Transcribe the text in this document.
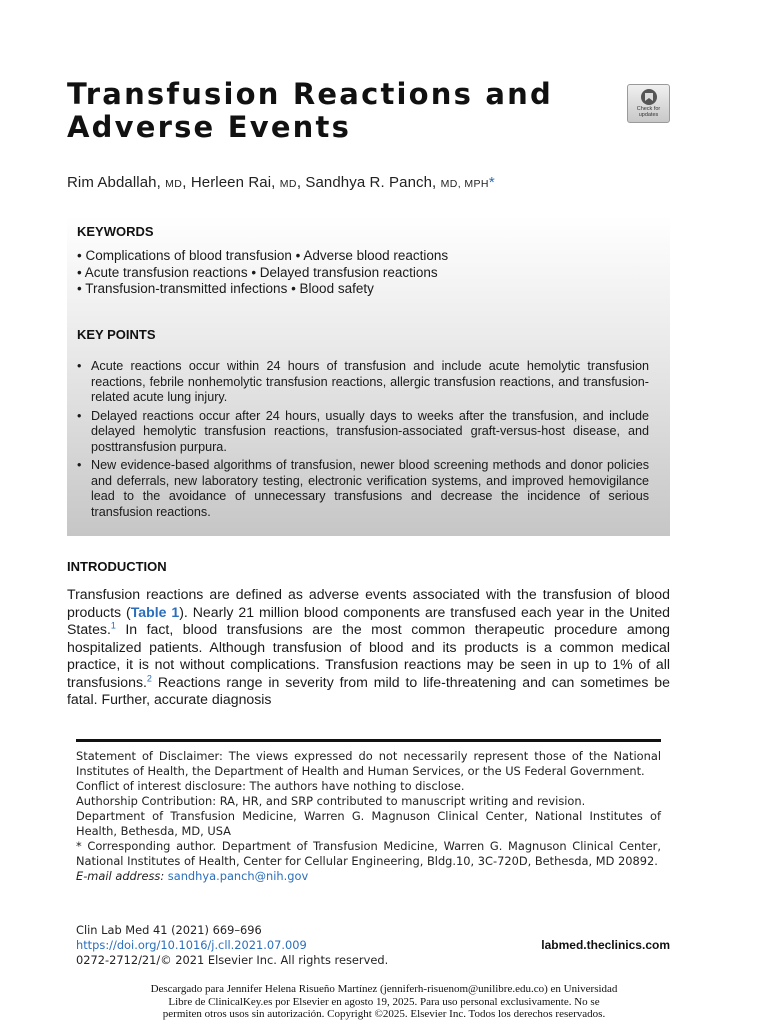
Transfusion Reactions and
Adverse Events
Check for
updates
Rim Abdallah, MD, Herleen Rai, MD, Sandhya R. Panch, MD, MPH*
KEYWORDS
• Complications of blood transfusion • Adverse blood reactions
• Acute transfusion reactions • Delayed transfusion reactions
• Transfusion-transmitted infections • Blood safety
KEY POINTS
• Acute reactions occur within 24 hours of transfusion and include acute hemolytic transfusion reactions, febrile nonhemolytic transfusion reactions, allergic transfusion reactions, and transfusion-related acute lung injury.
• Delayed reactions occur after 24 hours, usually days to weeks after the transfusion, and include delayed hemolytic transfusion reactions, transfusion-associated graft-versus-host disease, and posttransfusion purpura.
• New evidence-based algorithms of transfusion, newer blood screening methods and donor policies and deferrals, new laboratory testing, electronic verification systems, and improved hemovigilance lead to the avoidance of unnecessary transfusions and decrease the incidence of serious transfusion reactions.
INTRODUCTION

Transfusion reactions are defined as adverse events associated with the transfusion of blood products (Table 1). Nearly 21 million blood components are transfused each year in the United States.$^1$ In fact, blood transfusions are the most common therapeutic procedure among hospitalized patients. Although transfusion of blood and its products is a common medical practice, it is not without complications. Transfusion reactions may be seen in up to 1% of all transfusions.$^2$ Reactions range in severity from mild to life-threatening and can sometimes be fatal. Further, accurate diagnosis

Statement of Disclaimer: The views expressed do not necessarily represent those of the National Institutes of Health, the Department of Health and Human Services, or the US Federal Government.

Conflict of interest disclosure: The authors have nothing to disclose.

Authorship Contribution: RA, HR, and SRP contributed to manuscript writing and revision.

Department of Transfusion Medicine, Warren G. Magnuson Clinical Center, National Institutes of Health, Bethesda, MD, USA

* Corresponding author. Department of Transfusion Medicine, Warren G. Magnuson Clinical Center, National Institutes of Health, Center for Cellular Engineering, Bldg.10, 3C-720D, Bethesda, MD 20892.

E-mail address: sandhya.panch@nih.gov

Clin Lab Med 41 (2021) 669–696
https://doi.org/10.1016/j.cll.2021.07.009
0272-2712/21/© 2021 Elsevier Inc. All rights reserved.
labmed.theclinics.com
Descargado para Jennifer Helena Risueño Martínez (jenniferh-risuenom@unilibre.edu.co) en Universidad
Libre de ClinicalKey.es por Elsevier en agosto 19, 2025. Para uso personal exclusivamente. No se
permiten otros usos sin autorización. Copyright ©2025. Elsevier Inc. Todos los derechos reservados.
